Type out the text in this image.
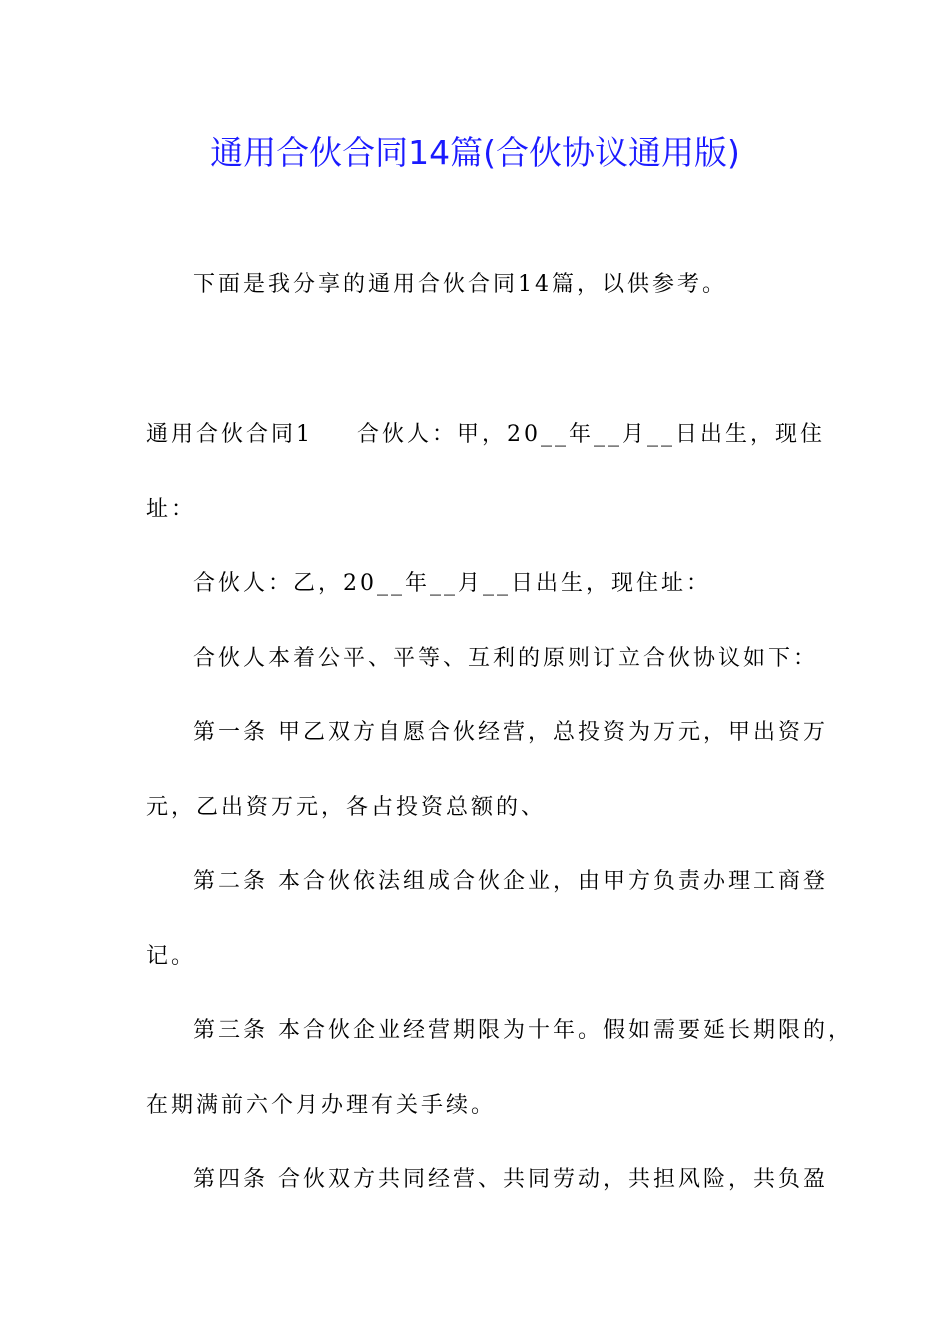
通用合伙合同14篇(合伙协议通用版)
下面是我分享的通用合伙合同14篇，以供参考。
通用合伙合同1 合伙人：甲，20__年__月__日出生，现住
址：
合伙人：乙，20__年__月__日出生，现住址：
合伙人本着公平、平等、互利的原则订立合伙协议如下：
第一条 甲乙双方自愿合伙经营，总投资为万元，甲出资万
元，乙出资万元，各占投资总额的、
第二条 本合伙依法组成合伙企业，由甲方负责办理工商登
记。
第三条 本合伙企业经营期限为十年。假如需要延长期限的，
在期满前六个月办理有关手续。
第四条 合伙双方共同经营、共同劳动，共担风险，共负盈
